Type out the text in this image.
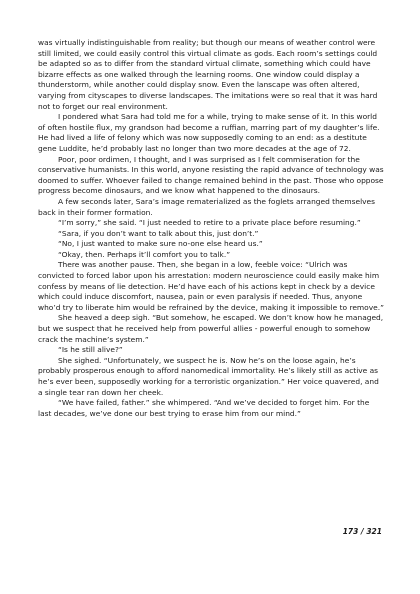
was virtually indistinguishable from reality; but though our means of weather control were still limited, we could easily control this virtual climate as gods. Each room’s settings could be adapted so as to differ from the standard virtual climate, something which could have bizarre effects as one walked through the learning rooms. One window could display a thunderstorm, while another could display snow. Even the lanscape was often altered, varying from cityscapes to diverse landscapes. The imitations were so real that it was hard not to forget our real environment.

I pondered what Sara had told me for a while, trying to make sense of it. In this world of often hostile flux, my grandson had become a ruffian, marring part of my daughter’s life. He had lived a life of felony which was now supposedly coming to an end: as a destitute gene Luddite, he’d probably last no longer than two more decades at the age of 72.

Poor, poor ordimen, I thought, and I was surprised as I felt commiseration for the conservative humanists. In this world, anyone resisting the rapid advance of technology was doomed to suffer. Whoever failed to change remained behind in the past. Those who oppose progress become dinosaurs, and we know what happened to the dinosaurs.

A few seconds later, Sara’s image rematerialized as the foglets arranged themselves back in their former formation.

“I’m sorry,” she said. “I just needed to retire to a private place before resuming.”

“Sara, if you don’t want to talk about this, just don’t.”

“No, I just wanted to make sure no-one else heard us.”

“Okay, then. Perhaps it’ll comfort you to talk.”

There was another pause. Then, she began in a low, feeble voice: “Ulrich was convicted to forced labor upon his arrestation: modern neuroscience could easily make him confess by means of lie detection. He’d have each of his actions kept in check by a device which could induce discomfort, nausea, pain or even paralysis if needed. Thus, anyone who’d try to liberate him would be refrained by the device, making it impossible to remove.”

She heaved a deep sigh. “But somehow, he escaped. We don’t know how he managed, but we suspect that he received help from powerful allies - powerful enough to somehow crack the machine’s system.”

“Is he still alive?”

She sighed. “Unfortunately, we suspect he is. Now he’s on the loose again, he’s probably prosperous enough to afford nanomedical immortality. He’s likely still as active as he’s ever been, supposedly working for a terroristic organization.” Her voice quavered, and a single tear ran down her cheek.

“We have failed, father.” she whimpered. “And we’ve decided to forget him. For the last decades, we’ve done our best trying to erase him from our mind.”

173 / 321
